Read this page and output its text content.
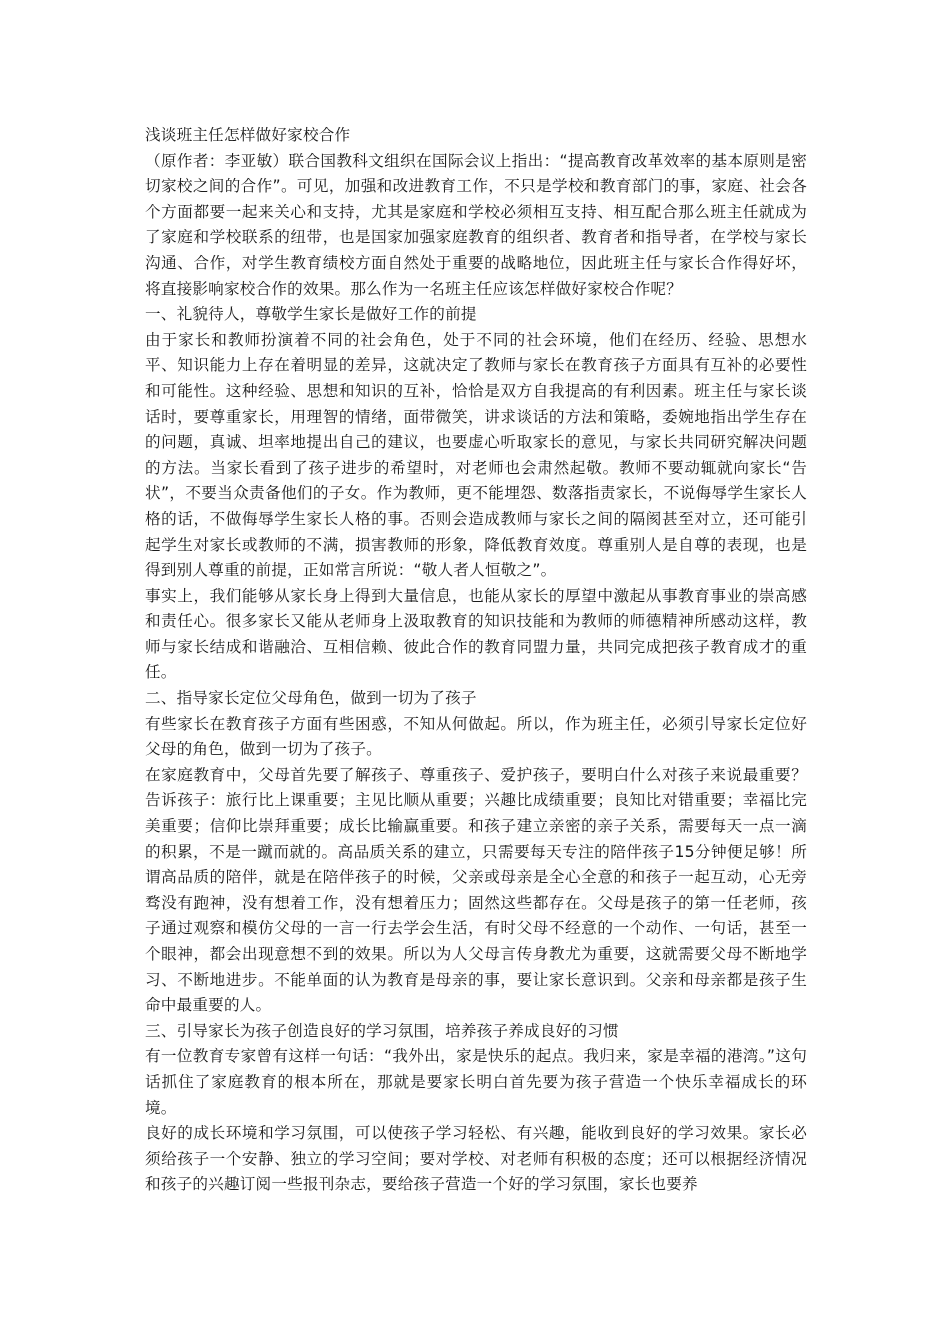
浅谈班主任怎样做好家校合作

（原作者：李亚敏）联合国教科文组织在国际会议上指出：“提高教育改革效率的基本原则是密切家校之间的合作”。可见，加强和改进教育工作，不只是学校和教育部门的事，家庭、社会各个方面都要一起来关心和支持，尤其是家庭和学校必须相互支持、相互配合那么班主任就成为了家庭和学校联系的纽带，也是国家加强家庭教育的组织者、教育者和指导者，在学校与家长沟通、合作，对学生教育绩校方面自然处于重要的战略地位，因此班主任与家长合作得好坏，将直接影响家校合作的效果。那么作为一名班主任应该怎样做好家校合作呢？

一、礼貌待人，尊敬学生家长是做好工作的前提

由于家长和教师扮演着不同的社会角色，处于不同的社会环境，他们在经历、经验、思想水平、知识能力上存在着明显的差异，这就决定了教师与家长在教育孩子方面具有互补的必要性和可能性。这种经验、思想和知识的互补，恰恰是双方自我提高的有利因素。班主任与家长谈话时，要尊重家长，用理智的情绪，面带微笑，讲求谈话的方法和策略，委婉地指出学生存在的问题，真诚、坦率地提出自己的建议，也要虚心听取家长的意见，与家长共同研究解决问题的方法。当家长看到了孩子进步的希望时，对老师也会肃然起敬。教师不要动辄就向家长“告状”，不要当众责备他们的子女。作为教师，更不能埋怨、数落指责家长，不说侮辱学生家长人格的话，不做侮辱学生家长人格的事。否则会造成教师与家长之间的隔阂甚至对立，还可能引起学生对家长或教师的不满，损害教师的形象，降低教育效度。尊重别人是自尊的表现，也是得到别人尊重的前提，正如常言所说：“敬人者人恒敬之”。

事实上，我们能够从家长身上得到大量信息，也能从家长的厚望中激起从事教育事业的崇高感和责任心。很多家长又能从老师身上汲取教育的知识技能和为教师的师德精神所感动这样，教师与家长结成和谐融洽、互相信赖、彼此合作的教育同盟力量，共同完成把孩子教育成才的重任。

二、指导家长定位父母角色，做到一切为了孩子

有些家长在教育孩子方面有些困惑，不知从何做起。所以，作为班主任，必须引导家长定位好父母的角色，做到一切为了孩子。

在家庭教育中，父母首先要了解孩子、尊重孩子、爱护孩子，要明白什么对孩子来说最重要？告诉孩子：旅行比上课重要；主见比顺从重要；兴趣比成绩重要；良知比对错重要；幸福比完美重要；信仰比崇拜重要；成长比输赢重要。和孩子建立亲密的亲子关系，需要每天一点一滴的积累，不是一蹴而就的。高品质关系的建立，只需要每天专注的陪伴孩子15分钟便足够！所谓高品质的陪伴，就是在陪伴孩子的时候，父亲或母亲是全心全意的和孩子一起互动，心无旁骛没有跑神，没有想着工作，没有想着压力；固然这些都存在。父母是孩子的第一任老师，孩子通过观察和模仿父母的一言一行去学会生活，有时父母不经意的一个动作、一句话，甚至一个眼神，都会出现意想不到的效果。所以为人父母言传身教尤为重要，这就需要父母不断地学习、不断地进步。不能单面的认为教育是母亲的事，要让家长意识到。父亲和母亲都是孩子生命中最重要的人。

三、引导家长为孩子创造良好的学习氛围，培养孩子养成良好的习惯

有一位教育专家曾有这样一句话：“我外出，家是快乐的起点。我归来，家是幸福的港湾。”这句话抓住了家庭教育的根本所在，那就是要家长明白首先要为孩子营造一个快乐幸福成长的环境。

良好的成长环境和学习氛围，可以使孩子学习轻松、有兴趣，能收到良好的学习效果。家长必须给孩子一个安静、独立的学习空间；要对学校、对老师有积极的态度；还可以根据经济情况和孩子的兴趣订阅一些报刊杂志，要给孩子营造一个好的学习氛围，家长也要养
